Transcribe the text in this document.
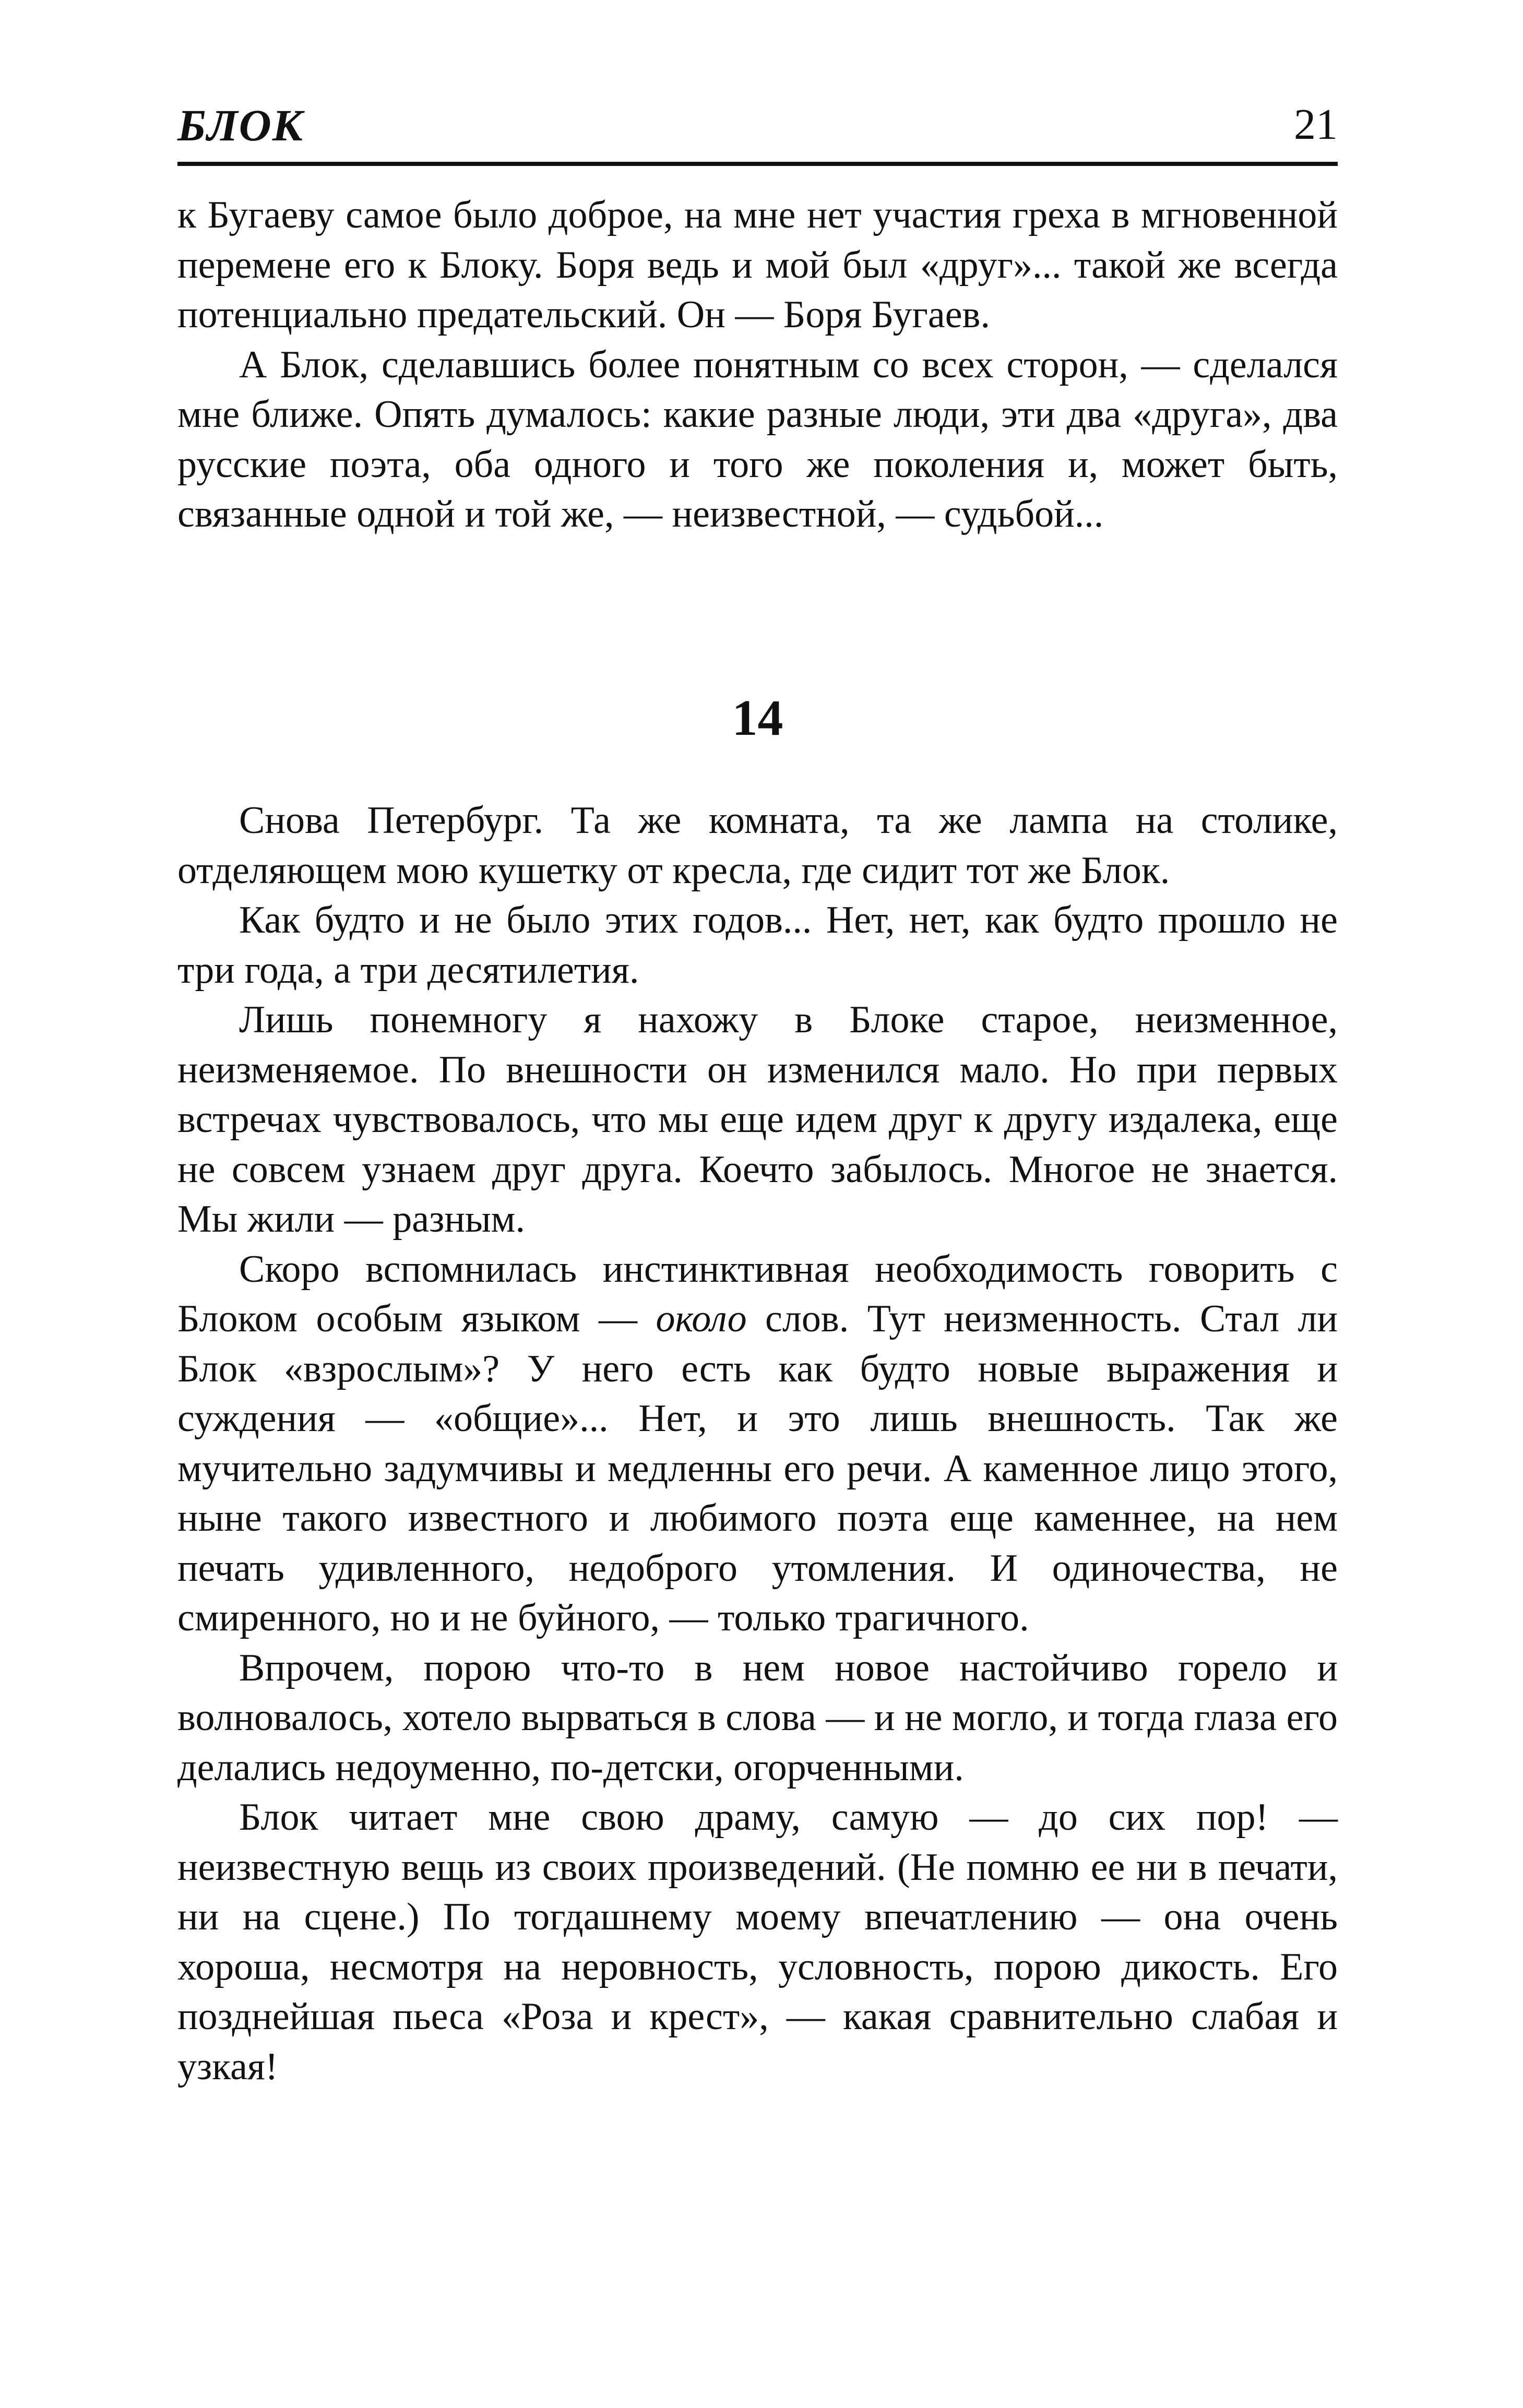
БЛОК	21

к Бугаеву самое было доброе, на мне нет участия греха в мгновенной перемене его к Блоку. Боря ведь и мой был «друг»... такой же всегда потенциально предательский. Он — Боря Бугаев.

А Блок, сделавшись более понятным со всех сторон, — сделался мне ближе. Опять думалось: какие разные люди, эти два «друга», два русские поэта, оба одного и того же поколения и, может быть, связанные одной и той же, — неизвестной, — судьбой...

14

Снова Петербург. Та же комната, та же лампа на столике, отделяющем мою кушетку от кресла, где сидит тот же Блок.

Как будто и не было этих годов... Нет, нет, как будто прошло не три года, а три десятилетия.

Лишь понемногу я нахожу в Блоке старое, неизменное, неизменяемое. По внешности он изменился мало. Но при первых встречах чувствовалось, что мы еще идем друг к другу издалека, еще не совсем узнаем друг друга. Коечто забылось. Многое не знается. Мы жили — разным.

Скоро вспомнилась инстинктивная необходимость говорить с Блоком особым языком — около слов. Тут неизменность. Стал ли Блок «взрослым»? У него есть как будто новые выражения и суждения — «общие»... Нет, и это лишь внешность. Так же мучительно задумчивы и медленны его речи. А каменное лицо этого, ныне такого известного и любимого поэта еще каменнее, на нем печать удивленного, недоброго утомления. И одиночества, не смиренного, но и не буйного, — только трагичного.

Впрочем, порою что-то в нем новое настойчиво горело и волновалось, хотело вырваться в слова — и не могло, и тогда глаза его делались недоуменно, по-детски, огорченными.

Блок читает мне свою драму, самую — до сих пор! — неизвестную вещь из своих произведений. (Не помню ее ни в печати, ни на сцене.) По тогдашнему моему впечатлению — она очень хороша, несмотря на неровность, условность, порою дикость. Его позднейшая пьеса «Роза и крест», — какая сравнительно слабая и узкая!
